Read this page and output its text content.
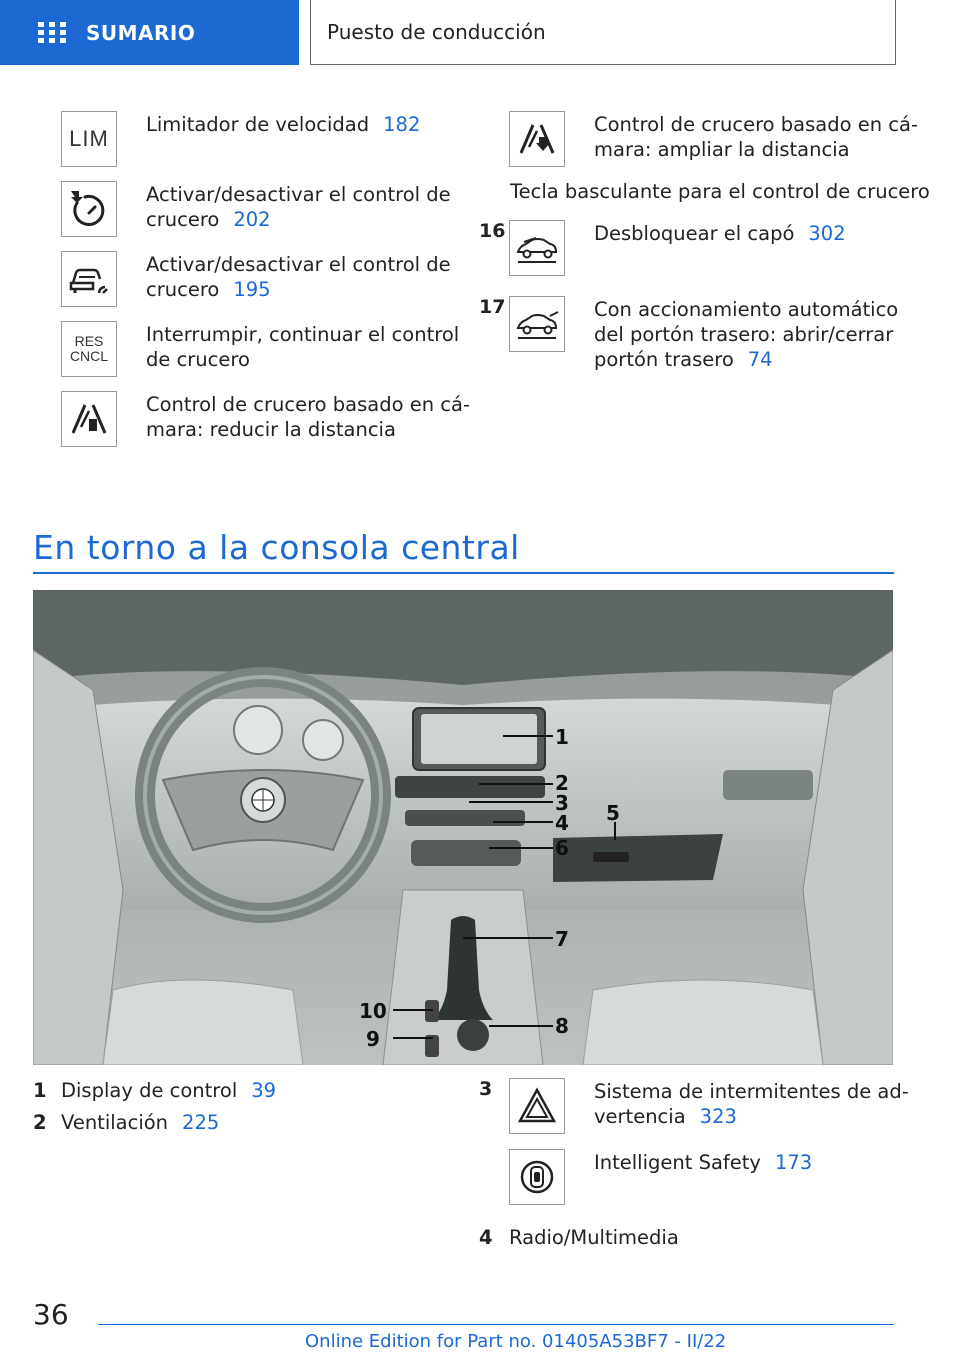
SUMARIO	Puesto de conducción
LIM
Limitador de velocidad 182
Activar/desactivar el control de
crucero 202
Activar/desactivar el control de
crucero 195
RES
CNCL
Interrumpir, continuar el control
de crucero
Control de crucero basado en cá-
mara: reducir la distancia
Control de crucero basado en cá-
mara: ampliar la distancia
Tecla basculante para el control de crucero
16	Desbloquear el capó 302
17	Con accionamiento automático
del portón trasero: abrir/cerrar
portón trasero 74
En torno a la consola central
1
2
3
4 5
6
7
8
9
10
1 Display de control 39
2 Ventilación 225
3	Sistema de intermitentes de ad-
vertencia 323
Intelligent Safety 173
4 Radio/Multimedia
36
Online Edition for Part no. 01405A53BF7 - II/22
